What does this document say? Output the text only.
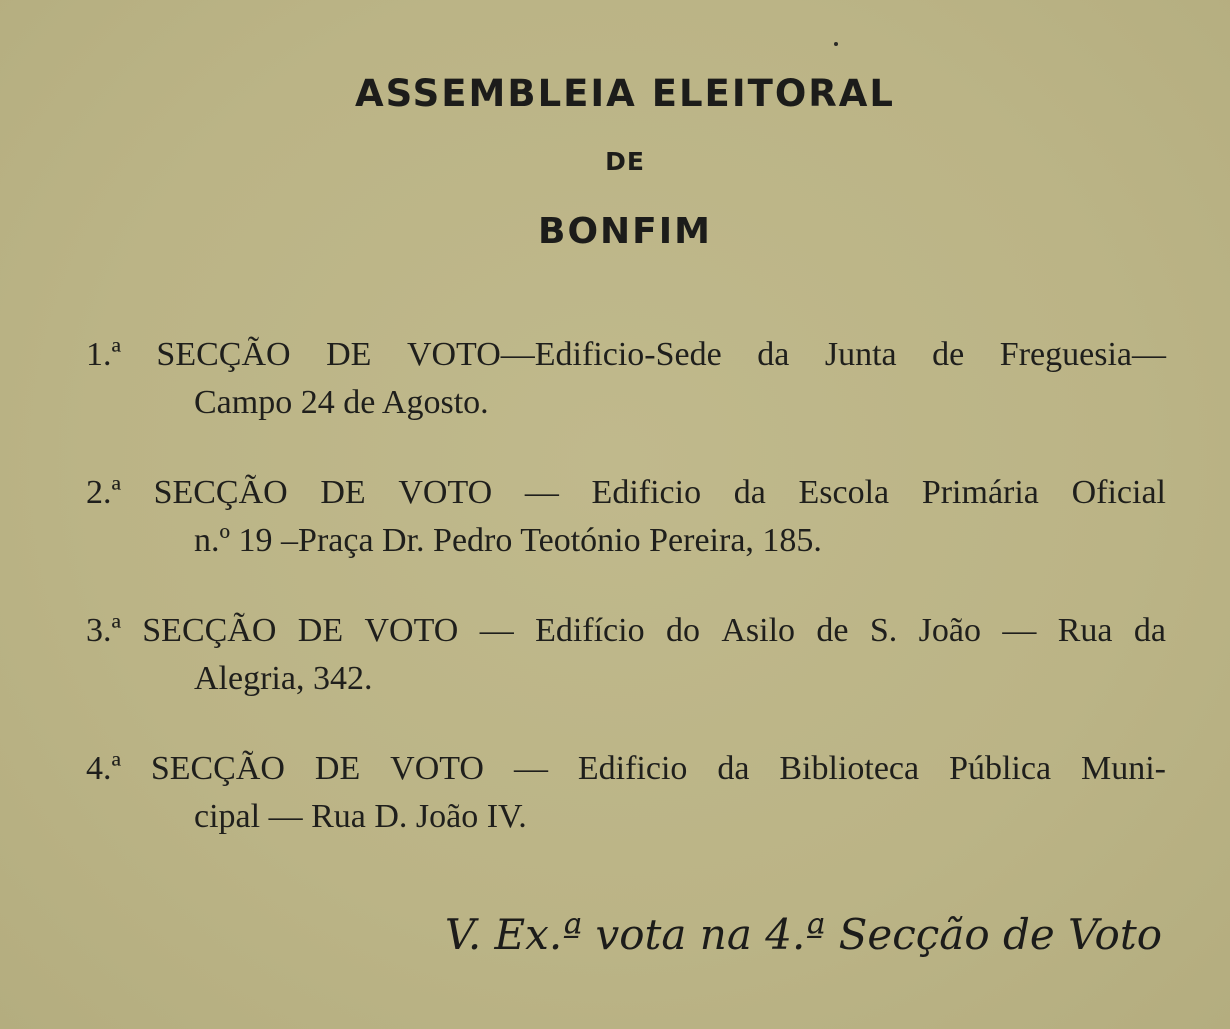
ASSEMBLEIA ELEITORAL
DE
BONFIM
1.ª SECÇÃO DE VOTO—Edificio-Sede da Junta de Freguesia—
Campo 24 de Agosto.
2.ª SECÇÃO DE VOTO — Edificio da Escola Primária Oficial
n.º 19 –Praça Dr. Pedro Teotónio Pereira, 185.
3.ª SECÇÃO DE VOTO — Edifício do Asilo de S. João — Rua da
Alegria, 342.
4.ª SECÇÃO DE VOTO — Edificio da Biblioteca Pública Muni-
cipal — Rua D. João IV.
V. Ex.ª vota na 4.ª Secção de Voto
